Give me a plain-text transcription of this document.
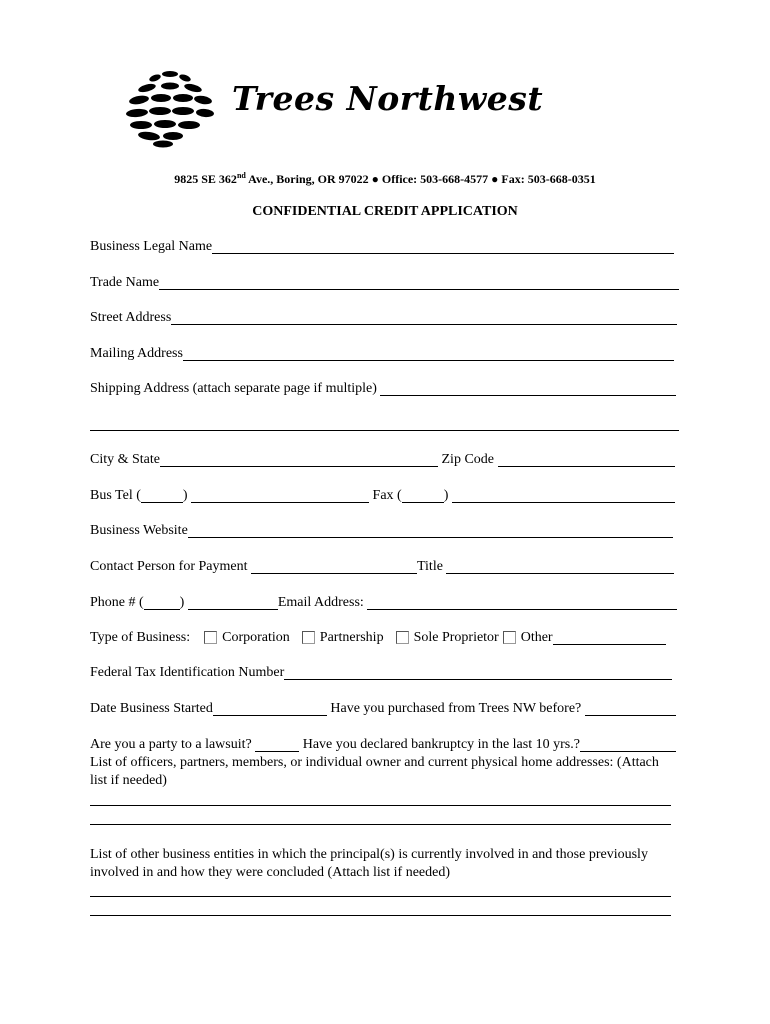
Trees Northwest
9825 SE 362nd Ave., Boring, OR 97022 ● Office: 503-668-4577 ● Fax: 503-668-0351
CONFIDENTIAL CREDIT APPLICATION
Business Legal Name
Trade Name
Street Address
Mailing Address
Shipping Address (attach separate page if multiple)
City & State	Zip Code
Bus Tel (	)	Fax (	)
Business Website
Contact Person for Payment	Title
Phone # (	)	Email Address:
Type of Business: Corporation Partnership Sole Proprietor Other
Federal Tax Identification Number
Date Business Started	Have you purchased from Trees NW before?
Are you a party to a lawsuit?	Have you declared bankruptcy in the last 10 yrs.?
List of officers, partners, members, or individual owner and current physical home addresses: (Attach list if needed)
List of other business entities in which the principal(s) is currently involved in and those previously involved in and how they were concluded (Attach list if needed)
